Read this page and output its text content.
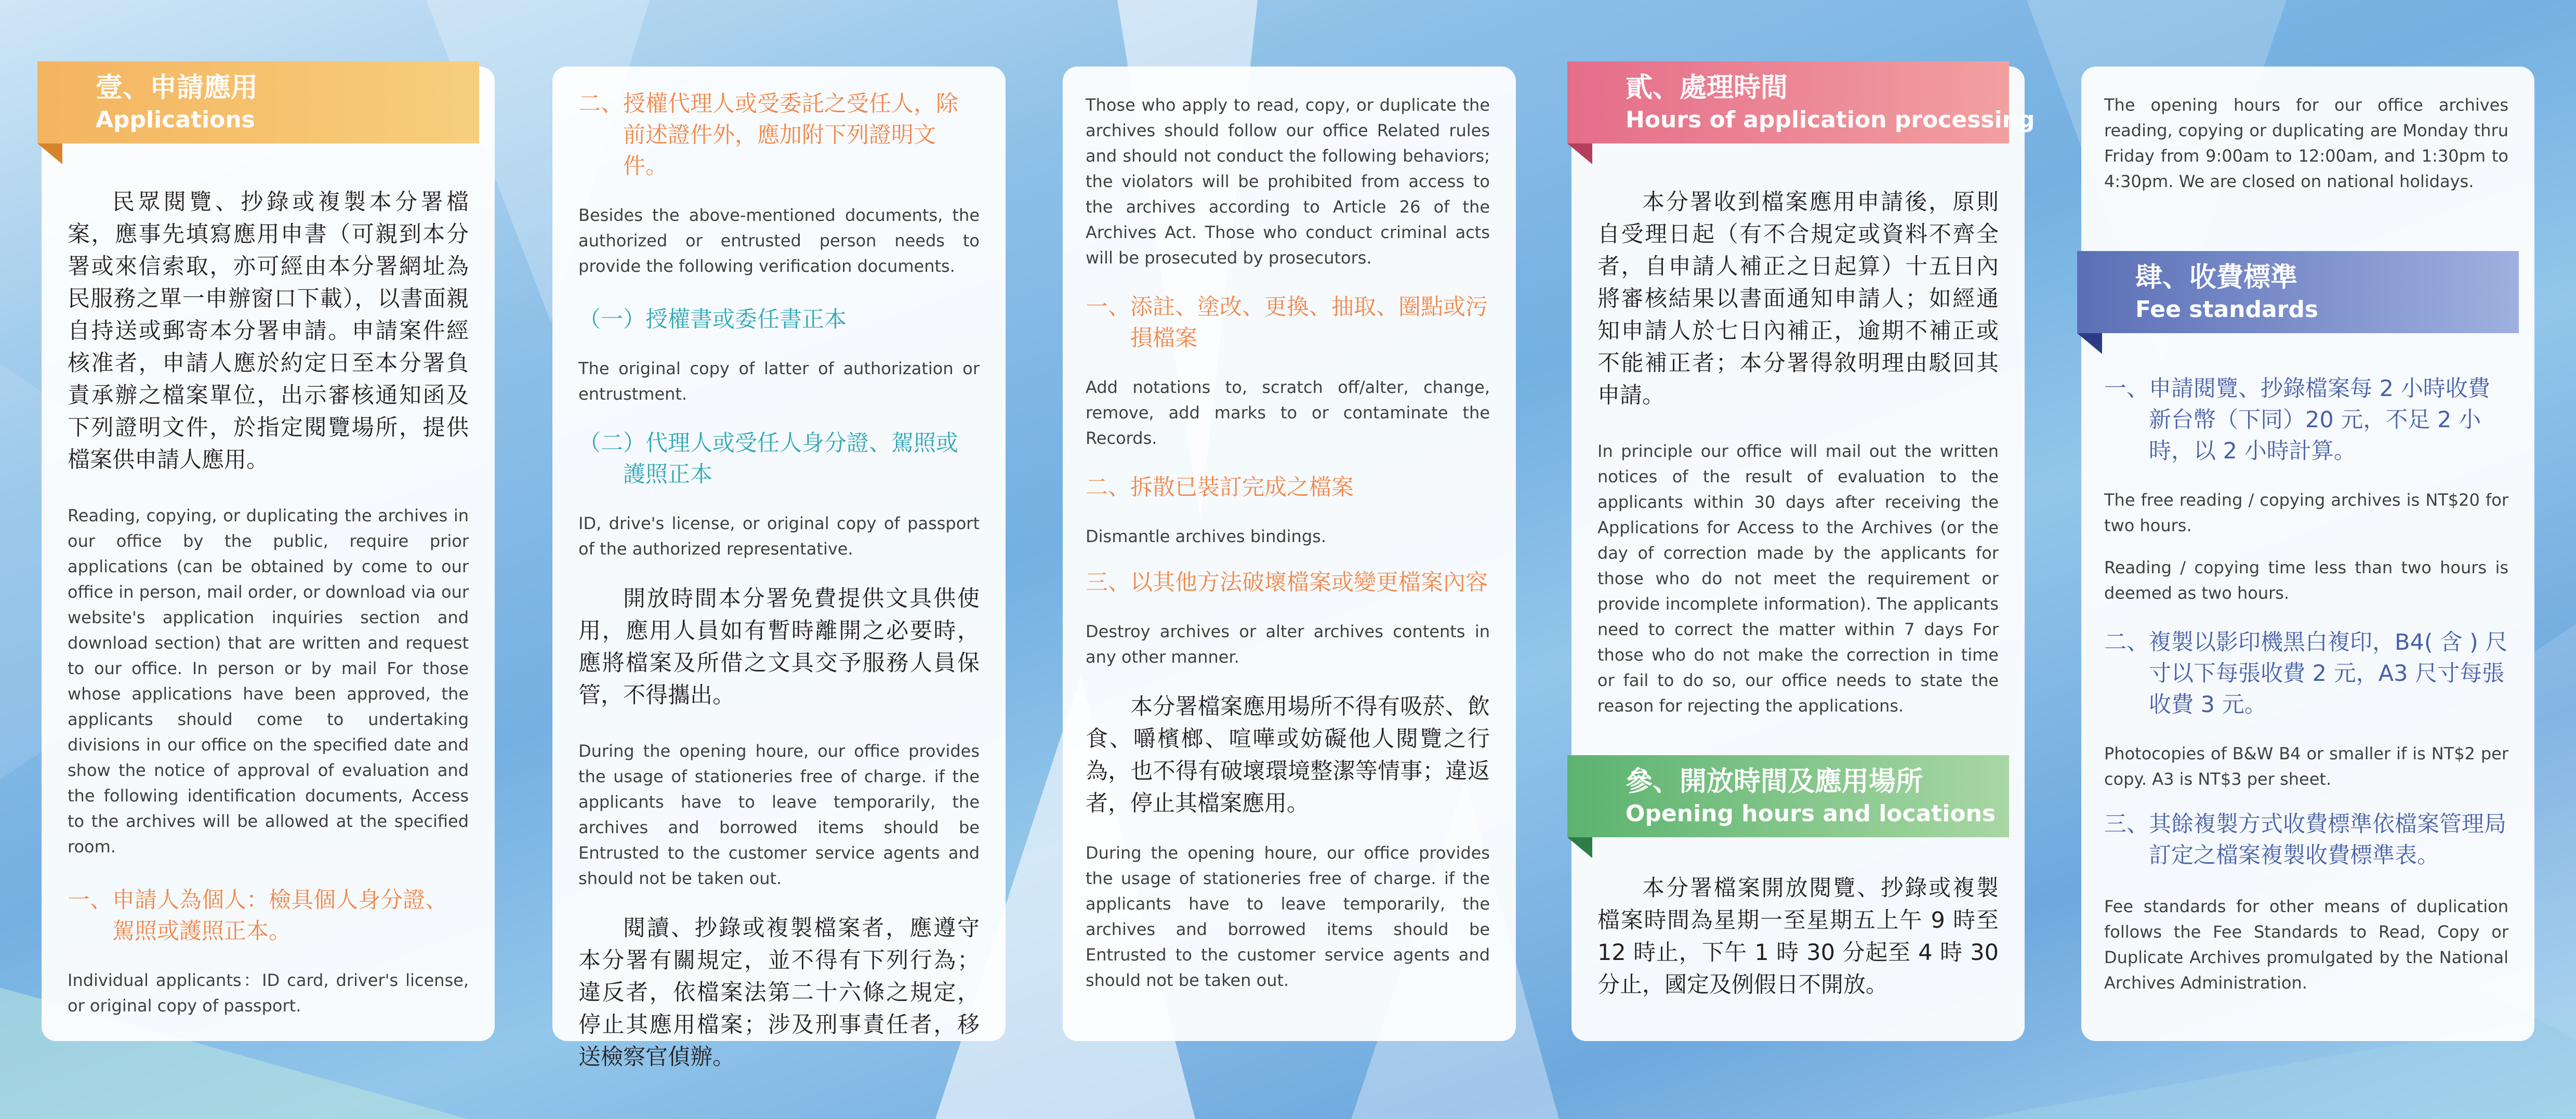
壹、申請應用
Applications

民眾閱覽、抄錄或複製本分署檔案，應事先填寫應用申書（可親到本分署或來信索取，亦可經由本分署網址為民服務之單一申辦窗口下載），以書面親自持送或郵寄本分署申請。申請案件經核准者，申請人應於約定日至本分署負責承辦之檔案單位，出示審核通知函及下列證明文件，於指定閱覽場所，提供檔案供申請人應用。

Reading, copying, or duplicating the archives in our office by the public, require prior applications (can be obtained by come to our office in person, mail order, or download via our website's application inquiries section and download section) that are written and request to our office. In person or by mail For those whose applications have been approved, the applicants should come to undertaking divisions in our office on the specified date and show the notice of approval of evaluation and the following identification documents, Access to the archives will be allowed at the specified room.

一、申請人為個人：檢具個人身分證、駕照或護照正本。

Individual applicants：ID card, driver's license, or original copy of passport.

二、授權代理人或受委託之受任人，除前述證件外，應加附下列證明文件。

Besides the above-mentioned documents, the authorized or entrusted person needs to provide the following verification documents.

（一）授權書或委任書正本

The original copy of latter of authorization or entrustment.

（二）代理人或受任人身分證、駕照或護照正本

ID, drive's license, or original copy of passport of the authorized representative.

開放時間本分署免費提供文具供使用，應用人員如有暫時離開之必要時，應將檔案及所借之文具交予服務人員保管，不得攜出。

During the opening houre, our office provides the usage of stationeries free of charge. if the applicants have to leave temporarily, the archives and borrowed items should be Entrusted to the customer service agents and should not be taken out.

閱讀、抄錄或複製檔案者，應遵守本分署有關規定，並不得有下列行為；違反者，依檔案法第二十六條之規定，停止其應用檔案；涉及刑事責任者，移送檢察官偵辦。

Those who apply to read, copy, or duplicate the archives should follow our office Related rules and should not conduct the following behaviors; the violators will be prohibited from access to the archives according to Article 26 of the Archives Act. Those who conduct criminal acts will be prosecuted by prosecutors.

一、添註、塗改、更換、抽取、圈點或污損檔案

Add notations to, scratch off/alter, change, remove, add marks to or contaminate the Records.

二、拆散已裝訂完成之檔案

Dismantle archives bindings.

三、以其他方法破壞檔案或變更檔案內容

Destroy archives or alter archives contents in any other manner.

本分署檔案應用場所不得有吸菸、飲食、嚼檳榔、喧嘩或妨礙他人閱覽之行為，也不得有破壞環境整潔等情事；違返者，停止其檔案應用。

During the opening houre, our office provides the usage of stationeries free of charge. if the applicants have to leave temporarily, the archives and borrowed items should be Entrusted to the customer service agents and should not be taken out.

貳、處理時間
Hours of application processing

本分署收到檔案應用申請後，原則自受理日起（有不合規定或資料不齊全者，自申請人補正之日起算）十五日內將審核結果以書面通知申請人；如經通知申請人於七日內補正，逾期不補正或不能補正者；本分署得敘明理由駁回其申請。

In principle our office will mail out the written notices of the result of evaluation to the applicants within 30 days after receiving the Applications for Access to the Archives (or the day of correction made by the applicants for those who do not meet the requirement or provide incomplete information). The applicants need to correct the matter within 7 days For those who do not make the correction in time or fail to do so, our office needs to state the reason for rejecting the applications.

參、開放時間及應用場所
Opening hours and locations

本分署檔案開放閱覽、抄錄或複製檔案時間為星期一至星期五上午 9 時至 12 時止，下午 1 時 30 分起至 4 時 30 分止，國定及例假日不開放。

The opening hours for our office archives reading, copying or duplicating are Monday thru Friday from 9:00am to 12:00am, and 1:30pm to 4:30pm. We are closed on national holidays.

肆、收費標準
Fee standards

一、申請閱覽、抄錄檔案每 2 小時收費新台幣（下同）20 元，不足 2 小時，以 2 小時計算。

The free reading / copying archives is NT$20 for two hours.

Reading / copying time less than two hours is deemed as two hours.

二、複製以影印機黑白複印，B4( 含 ) 尺寸以下每張收費 2 元，A3 尺寸每張收費 3 元。

Photocopies of B&W B4 or smaller if is NT$2 per copy. A3 is NT$3 per sheet.

三、其餘複製方式收費標準依檔案管理局訂定之檔案複製收費標準表。

Fee standards for other means of duplication follows the Fee Standards to Read, Copy or Duplicate Archives promulgated by the National Archives Administration.
